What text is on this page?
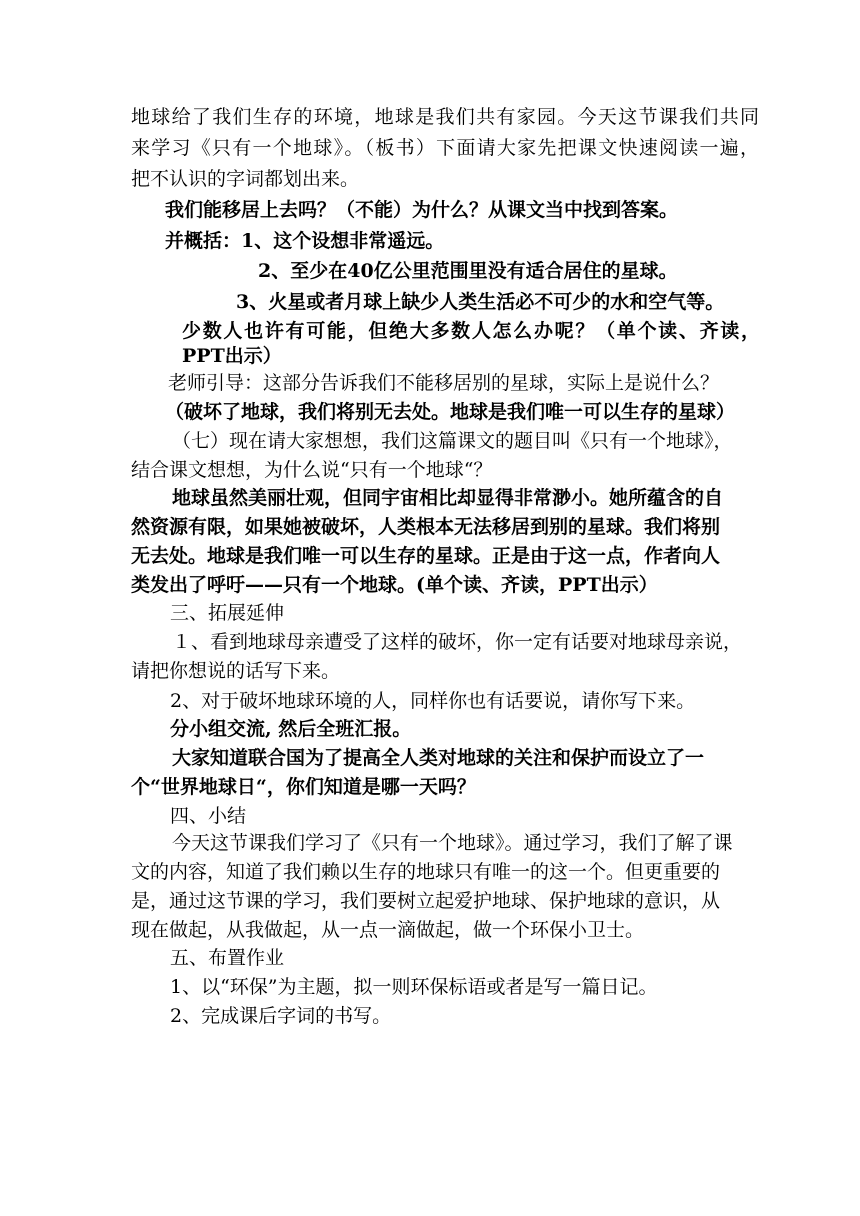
地球给了我们生存的环境，地球是我们共有家园。今天这节课我们共同

来学习《只有一个地球》。（板书）下面请大家先把课文快速阅读一遍，

把不认识的字词都划出来。

我们能移居上去吗？（不能）为什么？从课文当中找到答案。

并概括：1、这个设想非常遥远。

2、至少在40亿公里范围里没有适合居住的星球。

3、火星或者月球上缺少人类生活必不可少的水和空气等。

少数人也许有可能，但绝大多数人怎么办呢？（单个读、齐读，

PPT出示）

老师引导：这部分告诉我们不能移居别的星球，实际上是说什么？

（破坏了地球，我们将别无去处。地球是我们唯一可以生存的星球）

（七）现在请大家想想，我们这篇课文的题目叫《只有一个地球》，

结合课文想想，为什么说“只有一个地球“？

地球虽然美丽壮观，但同宇宙相比却显得非常渺小。她所蕴含的自

然资源有限，如果她被破坏，人类根本无法移居到别的星球。我们将别

无去处。地球是我们唯一可以生存的星球。正是由于这一点，作者向人

类发出了呼吁——只有一个地球。(单个读、齐读，PPT出示）

三、拓展延伸

１、看到地球母亲遭受了这样的破坏，你一定有话要对地球母亲说，

请把你想说的话写下来。

2、对于破坏地球环境的人，同样你也有话要说，请你写下来。

分小组交流, 然后全班汇报。

大家知道联合国为了提高全人类对地球的关注和保护而设立了一

个“世界地球日“，你们知道是哪一天吗？

四、小结

今天这节课我们学习了《只有一个地球》。通过学习，我们了解了课

文的内容，知道了我们赖以生存的地球只有唯一的这一个。但更重要的

是，通过这节课的学习，我们要树立起爱护地球、保护地球的意识，从

现在做起，从我做起，从一点一滴做起，做一个环保小卫士。

五、布置作业

1、以“环保”为主题，拟一则环保标语或者是写一篇日记。

2、完成课后字词的书写。
